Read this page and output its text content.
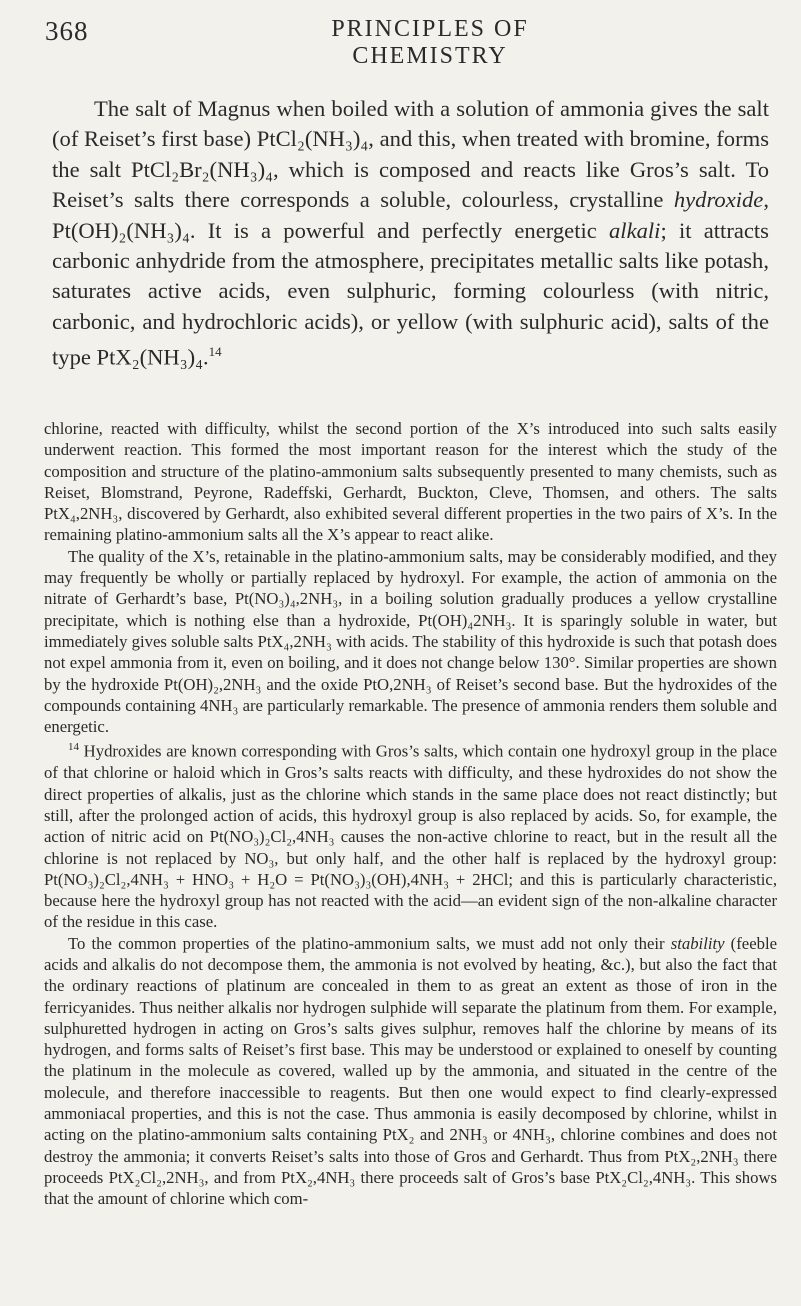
368	PRINCIPLES OF CHEMISTRY

The salt of Magnus when boiled with a solution of ammonia gives the salt (of Reiset’s first base) PtCl₂(NH₃)₄, and this, when treated with bromine, forms the salt PtCl₂Br₂(NH₃)₄, which is composed and reacts like Gros’s salt. To Reiset’s salts there corresponds a soluble, colourless, crystalline hydroxide, Pt(OH)₂(NH₃)₄. It is a powerful and perfectly energetic alkali; it attracts carbonic anhydride from the atmosphere, precipitates metallic salts like potash, saturates active acids, even sulphuric, forming colourless (with nitric, carbonic, and hydrochloric acids), or yellow (with sulphuric acid), salts of the type PtX₂(NH₃)₄.$^{14}$

chlorine, reacted with difficulty, whilst the second portion of the X’s introduced into such salts easily underwent reaction. This formed the most important reason for the interest which the study of the composition and structure of the platino-ammonium salts subsequently presented to many chemists, such as Reiset, Blomstrand, Peyrone, Radeffski, Gerhardt, Buckton, Cleve, Thomsen, and others. The salts PtX₄,2NH₃, discovered by Gerhardt, also exhibited several different properties in the two pairs of X’s. In the remaining platino-ammonium salts all the X’s appear to react alike.

The quality of the X’s, retainable in the platino-ammonium salts, may be considerably modified, and they may frequently be wholly or partially replaced by hydroxyl. For example, the action of ammonia on the nitrate of Gerhardt’s base, Pt(NO₃)₄,2NH₃, in a boiling solution gradually produces a yellow crystalline precipitate, which is nothing else than a hydroxide, Pt(OH)₄2NH₃. It is sparingly soluble in water, but immediately gives soluble salts PtX₄,2NH₃ with acids. The stability of this hydroxide is such that potash does not expel ammonia from it, even on boiling, and it does not change below 130°. Similar properties are shown by the hydroxide Pt(OH)₂,2NH₃ and the oxide PtO,2NH₃ of Reiset’s second base. But the hydroxides of the compounds containing 4NH₃ are particularly remarkable. The presence of ammonia renders them soluble and energetic.

$^{14}$ Hydroxides are known corresponding with Gros’s salts, which contain one hydroxyl group in the place of that chlorine or haloid which in Gros’s salts reacts with difficulty, and these hydroxides do not show the direct properties of alkalis, just as the chlorine which stands in the same place does not react distinctly; but still, after the prolonged action of acids, this hydroxyl group is also replaced by acids. So, for example, the action of nitric acid on Pt(NO₃)₂Cl₂,4NH₃ causes the non-active chlorine to react, but in the result all the chlorine is not replaced by NO₃, but only half, and the other half is replaced by the hydroxyl group: Pt(NO₃)₂Cl₂,4NH₃ + HNO₃ + H₂O = Pt(NO₃)₃(OH),4NH₃ + 2HCl; and this is particularly characteristic, because here the hydroxyl group has not reacted with the acid—an evident sign of the non-alkaline character of the residue in this case.

To the common properties of the platino-ammonium salts, we must add not only their stability (feeble acids and alkalis do not decompose them, the ammonia is not evolved by heating, &c.), but also the fact that the ordinary reactions of platinum are concealed in them to as great an extent as those of iron in the ferricyanides. Thus neither alkalis nor hydrogen sulphide will separate the platinum from them. For example, sulphuretted hydrogen in acting on Gros’s salts gives sulphur, removes half the chlorine by means of its hydrogen, and forms salts of Reiset’s first base. This may be understood or explained to oneself by counting the platinum in the molecule as covered, walled up by the ammonia, and situated in the centre of the molecule, and therefore inaccessible to reagents. But then one would expect to find clearly-expressed ammoniacal properties, and this is not the case. Thus ammonia is easily decomposed by chlorine, whilst in acting on the platino-ammonium salts containing PtX₂ and 2NH₃ or 4NH₃, chlorine combines and does not destroy the ammonia; it converts Reiset’s salts into those of Gros and Gerhardt. Thus from PtX₂,2NH₃ there proceeds PtX₂Cl₂,2NH₃, and from PtX₂,4NH₃ there proceeds salt of Gros’s base PtX₂Cl₂,4NH₃. This shows that the amount of chlorine which com-
